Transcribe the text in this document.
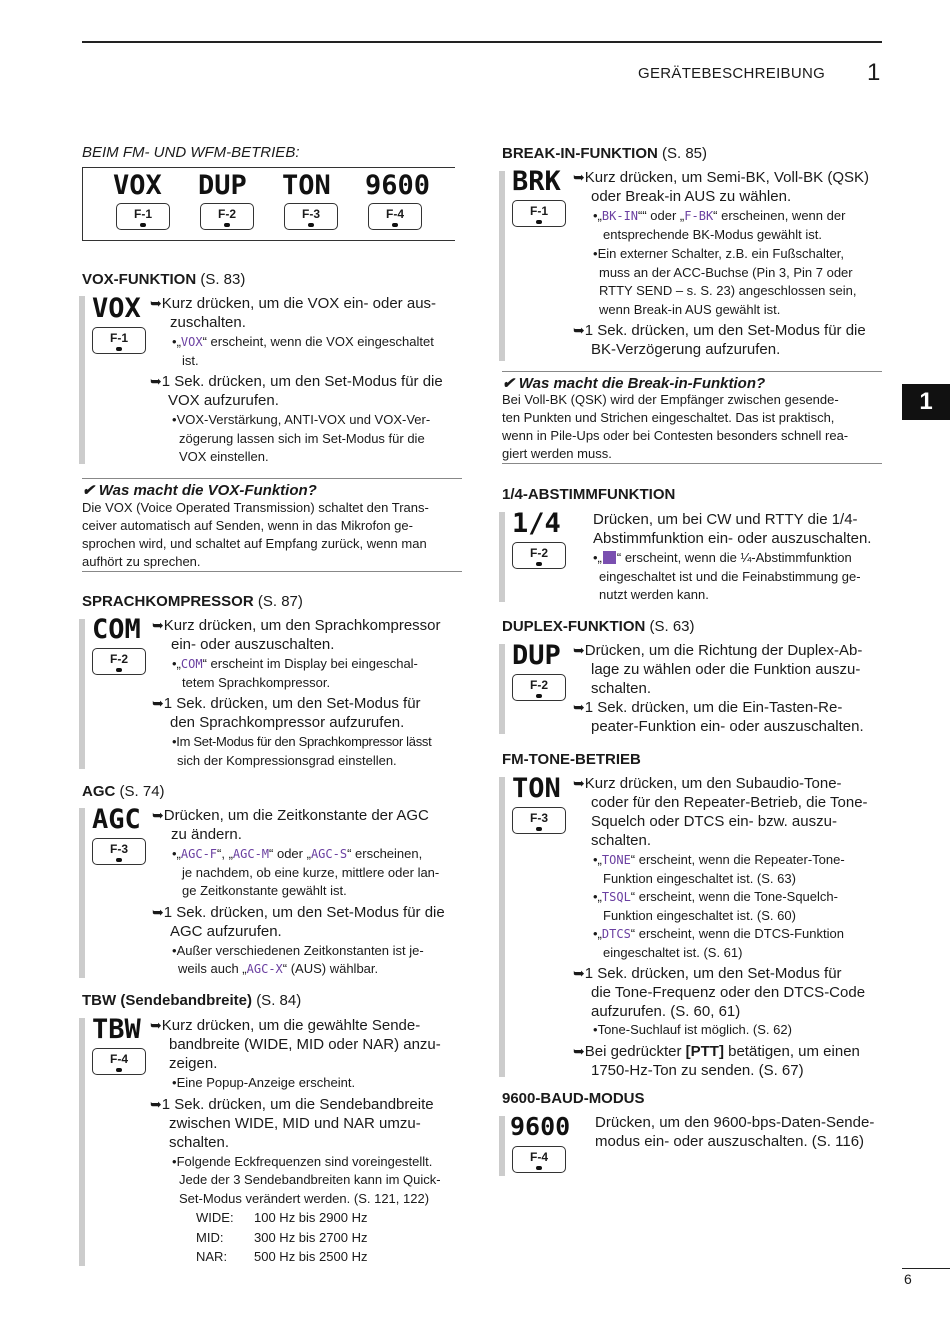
GERÄTEBESCHREIBUNG 1
1
BEIM FM- UND WFM-BETRIEB:
VOX DUP TON 9600
F-1	F-2	F-3	F-4
VOX-FUNKTION (S. 83)
VOX
F-1
➥Kurz drücken, um die VOX ein- oder aus-
zuschalten.
•„VOX“ erscheint, wenn die VOX eingeschaltet
ist.
➥1 Sek. drücken, um den Set-Modus für die
VOX aufzurufen.
•VOX-Verstärkung, ANTI-VOX und VOX-Ver-
zögerung lassen sich im Set-Modus für die
VOX einstellen.
✔ Was macht die VOX-Funktion?
Die VOX (Voice Operated Transmission) schaltet den Trans-
ceiver automatisch auf Senden, wenn in das Mikrofon ge-
sprochen wird, und schaltet auf Empfang zurück, wenn man
aufhört zu sprechen.
SPRACHKOMPRESSOR (S. 87)
COM
F-2
➥Kurz drücken, um den Sprachkompressor
ein- oder auszuschalten.
•„COM“ erscheint im Display bei eingeschal-
tetem Sprachkompressor.
➥1 Sek. drücken, um den Set-Modus für
den Sprachkompressor aufzurufen.
•Im Set-Modus für den Sprachkompressor lässt
sich der Kompressionsgrad einstellen.
AGC (S. 74)
AGC
F-3
➥Drücken, um die Zeitkonstante der AGC
zu ändern.
•„AGC-F“, „AGC-M“ oder „AGC-S“ erscheinen,
je nachdem, ob eine kurze, mittlere oder lan-
ge Zeitkonstante gewählt ist.
➥1 Sek. drücken, um den Set-Modus für die
AGC aufzurufen.
•Außer verschiedenen Zeitkonstanten ist je-
weils auch „AGC-X“ (AUS) wählbar.
TBW (Sendebandbreite) (S. 84)
TBW
F-4
➥Kurz drücken, um die gewählte Sende-
bandbreite (WIDE, MID oder NAR) anzu-
zeigen.
•Eine Popup-Anzeige erscheint.
➥1 Sek. drücken, um die Sendebandbreite
zwischen WIDE, MID und NAR umzu-
schalten.
•Folgende Eckfrequenzen sind voreingestellt.
Jede der 3 Sendebandbreiten kann im Quick-
Set-Modus verändert werden. (S. 121, 122)
WIDE: 100 Hz bis 2900 Hz
MID: 300 Hz bis 2700 Hz
NAR: 500 Hz bis 2500 Hz
BREAK-IN-FUNKTION (S. 85)
BRK
F-1
➥Kurz drücken, um Semi-BK, Voll-BK (QSK)
oder Break-in AUS zu wählen.
•„BK-IN““ oder „F-BK“ erscheinen, wenn der
entsprechende BK-Modus gewählt ist.
•Ein externer Schalter, z.B. ein Fußschalter,
muss an der ACC-Buchse (Pin 3, Pin 7 oder
RTTY SEND – s. S. 23) angeschlossen sein,
wenn Break-in AUS gewählt ist.
➥1 Sek. drücken, um den Set-Modus für die
BK-Verzögerung aufzurufen.
✔ Was macht die Break-in-Funktion?
Bei Voll-BK (QSK) wird der Empfänger zwischen gesende-
ten Punkten und Strichen eingeschaltet. Das ist praktisch,
wenn in Pile-Ups oder bei Contesten besonders schnell rea-
giert werden muss.
1/4-ABSTIMMFUNKTION
1/4
F-2
Drücken, um bei CW und RTTY die 1/4-
Abstimmfunktion ein- oder auszuschalten.
•„ “ erscheint, wenn die ¼-Abstimmfunktion
eingeschaltet ist und die Feinabstimmung ge-
nutzt werden kann.
DUPLEX-FUNKTION (S. 63)
DUP
F-2
➥Drücken, um die Richtung der Duplex-Ab-
lage zu wählen oder die Funktion auszu-
schalten.
➥1 Sek. drücken, um die Ein-Tasten-Re-
peater-Funktion ein- oder auszuschalten.
FM-TONE-BETRIEB
TON
F-3
➥Kurz drücken, um den Subaudio-Tone-
coder für den Repeater-Betrieb, die Tone-
Squelch oder DTCS ein- bzw. auszu-
schalten.
•„TONE“ erscheint, wenn die Repeater-Tone-
Funktion eingeschaltet ist. (S. 63)
•„TSQL“ erscheint, wenn die Tone-Squelch-
Funktion eingeschaltet ist. (S. 60)
•„DTCS“ erscheint, wenn die DTCS-Funktion
eingeschaltet ist. (S. 61)
➥1 Sek. drücken, um den Set-Modus für
die Tone-Frequenz oder den DTCS-Code
aufzurufen. (S. 60, 61)
•Tone-Suchlauf ist möglich. (S. 62)
➥Bei gedrückter [PTT] betätigen, um einen
1750-Hz-Ton zu senden. (S. 67)
9600-BAUD-MODUS
9600
F-4
Drücken, um den 9600-bps-Daten-Sende-
modus ein- oder auszuschalten. (S. 116)
6
